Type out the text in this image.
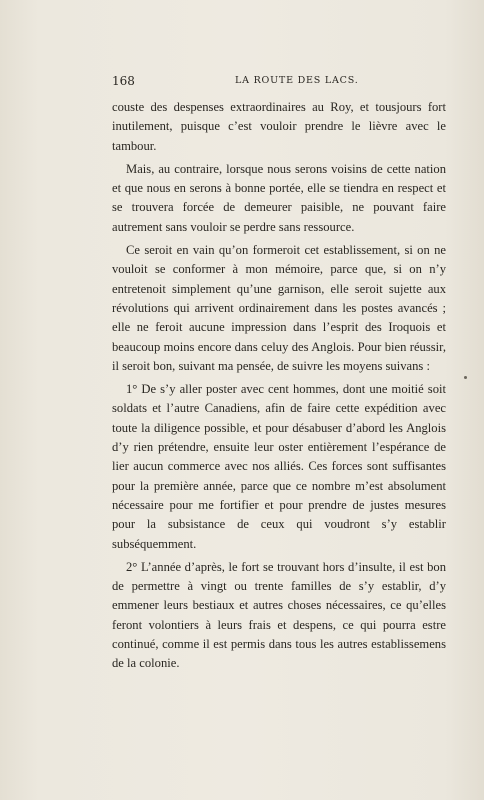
168	LA ROUTE DES LACS.

couste des despenses extraordinaires au Roy, et tousjours fort inutilement, puisque c’est vouloir prendre le lièvre avec le tambour.

Mais, au contraire, lorsque nous serons voisins de cette nation et que nous en serons à bonne portée, elle se tiendra en respect et se trouvera forcée de demeurer paisible, ne pouvant faire autrement sans vouloir se perdre sans ressource.

Ce seroit en vain qu’on formeroit cet establissement, si on ne vouloit se conformer à mon mémoire, parce que, si on n’y entretenoit simplement qu’une garnison, elle seroit sujette aux révolutions qui arrivent ordinairement dans les postes avancés ; elle ne feroit aucune impression dans l’esprit des Iroquois et beaucoup moins encore dans celuy des Anglois. Pour bien réussir, il seroit bon, suivant ma pensée, de suivre les moyens suivans :

1° De s’y aller poster avec cent hommes, dont une moitié soit soldats et l’autre Canadiens, afin de faire cette expédition avec toute la diligence possible, et pour désabuser d’abord les Anglois d’y rien prétendre, ensuite leur oster entièrement l’espérance de lier aucun commerce avec nos alliés. Ces forces sont suffisantes pour la première année, parce que ce nombre m’est absolument nécessaire pour me fortifier et pour prendre de justes mesures pour la subsistance de ceux qui voudront s’y establir subséquemment.

2° L’année d’après, le fort se trouvant hors d’insulte, il est bon de permettre à vingt ou trente familles de s’y establir, d’y emmener leurs bestiaux et autres choses nécessaires, ce qu’elles feront volontiers à leurs frais et despens, ce qui pourra estre continué, comme il est permis dans tous les autres establissemens de la colonie.
